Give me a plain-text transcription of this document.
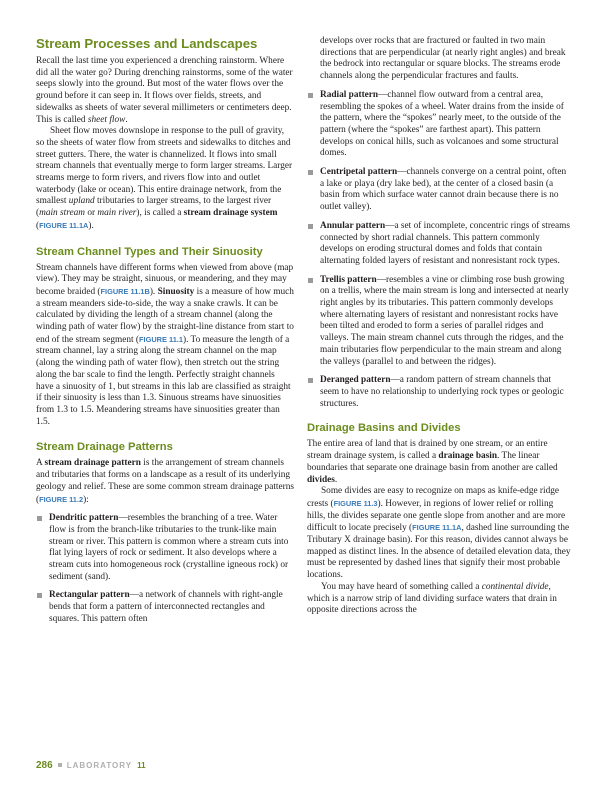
Stream Processes and Landscapes

Recall the last time you experienced a drenching rainstorm. Where did all the water go? During drenching rainstorms, some of the water seeps slowly into the ground. But most of the water flows over the ground before it can seep in. It flows over fields, streets, and sidewalks as sheets of water several millimeters or centimeters deep. This is called sheet flow.

Sheet flow moves downslope in response to the pull of gravity, so the sheets of water flow from streets and sidewalks to ditches and street gutters. There, the water is channelized. It flows into small stream channels that eventually merge to form larger streams. Larger streams merge to form rivers, and rivers flow into and outlet waterbody (lake or ocean). This entire drainage network, from the smallest upland tributaries to larger streams, to the largest river (main stream or main river), is called a stream drainage system
(FIGURE 11.1A).

Stream Channel Types and Their Sinuosity

Stream channels have different forms when viewed from above (map view). They may be straight, sinuous, or meandering, and they may become braided (FIGURE 11.1B). Sinuosity is a measure of how much a stream meanders side-to-side, the way a snake crawls. It can be calculated by dividing the length of a stream channel (along the winding path of water flow) by the straight-line distance from start to end of the stream segment (FIGURE 11.1). To measure the length of a stream channel, lay a string along the stream channel on the map (along the winding path of water flow), then stretch out the string along the bar scale to find the length. Perfectly straight channels have a sinuosity of 1, but streams in this lab are classified as straight if their sinuosity is less than 1.3. Sinuous streams have sinuosities from 1.3 to 1.5. Meandering streams have sinuosities greater than 1.5.

Stream Drainage Patterns

A stream drainage pattern is the arrangement of stream channels and tributaries that forms on a landscape as a result of its underlying geology and relief. These are some common stream drainage patterns (FIGURE 11.2):

Dendritic pattern—resembles the branching of a tree. Water flow is from the branch-like tributaries to the trunk-like main stream or river. This pattern is common where a stream cuts into flat lying layers of rock or sediment. It also develops where a stream cuts into homogeneous rock (crystalline igneous rock) or sediment (sand).
Rectangular pattern—a network of channels with right-angle bends that form a pattern of interconnected rectangles and squares. This pattern often

develops over rocks that are fractured or faulted in two main directions that are perpendicular (at nearly right angles) and break the bedrock into rectangular or square blocks. The streams erode channels along the perpendicular fractures and faults.

Radial pattern—channel flow outward from a central area, resembling the spokes of a wheel. Water drains from the inside of the pattern, where the “spokes” nearly meet, to the outside of the pattern (where the “spokes” are farthest apart). This pattern develops on conical hills, such as volcanoes and some structural domes.
Centripetal pattern—channels converge on a central point, often a lake or playa (dry lake bed), at the center of a closed basin (a basin from which surface water cannot drain because there is no outlet valley).
Annular pattern—a set of incomplete, concentric rings of streams connected by short radial channels. This pattern commonly develops on eroding structural domes and folds that contain alternating folded layers of resistant and nonresistant rock types.
Trellis pattern—resembles a vine or climbing rose bush growing on a trellis, where the main stream is long and intersected at nearly right angles by its tributaries. This pattern commonly develops where alternating layers of resistant and nonresistant rocks have been tilted and eroded to form a series of parallel ridges and valleys. The main stream channel cuts through the ridges, and the main tributaries flow perpendicular to the main stream and along the valleys (parallel to and between the ridges).
Deranged pattern—a random pattern of stream channels that seem to have no relationship to underlying rock types or geologic structures.
Drainage Basins and Divides

The entire area of land that is drained by one stream, or an entire stream drainage system, is called a drainage basin. The linear boundaries that separate one drainage basin from another are called divides.

Some divides are easy to recognize on maps as knife-edge ridge crests (FIGURE 11.3). However, in regions of lower relief or rolling hills, the divides separate one gentle slope from another and are more difficult to locate precisely (FIGURE 11.1A, dashed line surrounding the Tributary X drainage basin). For this reason, divides cannot always be mapped as distinct lines. In the absence of detailed elevation data, they must be represented by dashed lines that signify their most probable locations.

You may have heard of something called a continental divide, which is a narrow strip of land dividing surface waters that drain in opposite directions across the

286 LABORATORY 11
